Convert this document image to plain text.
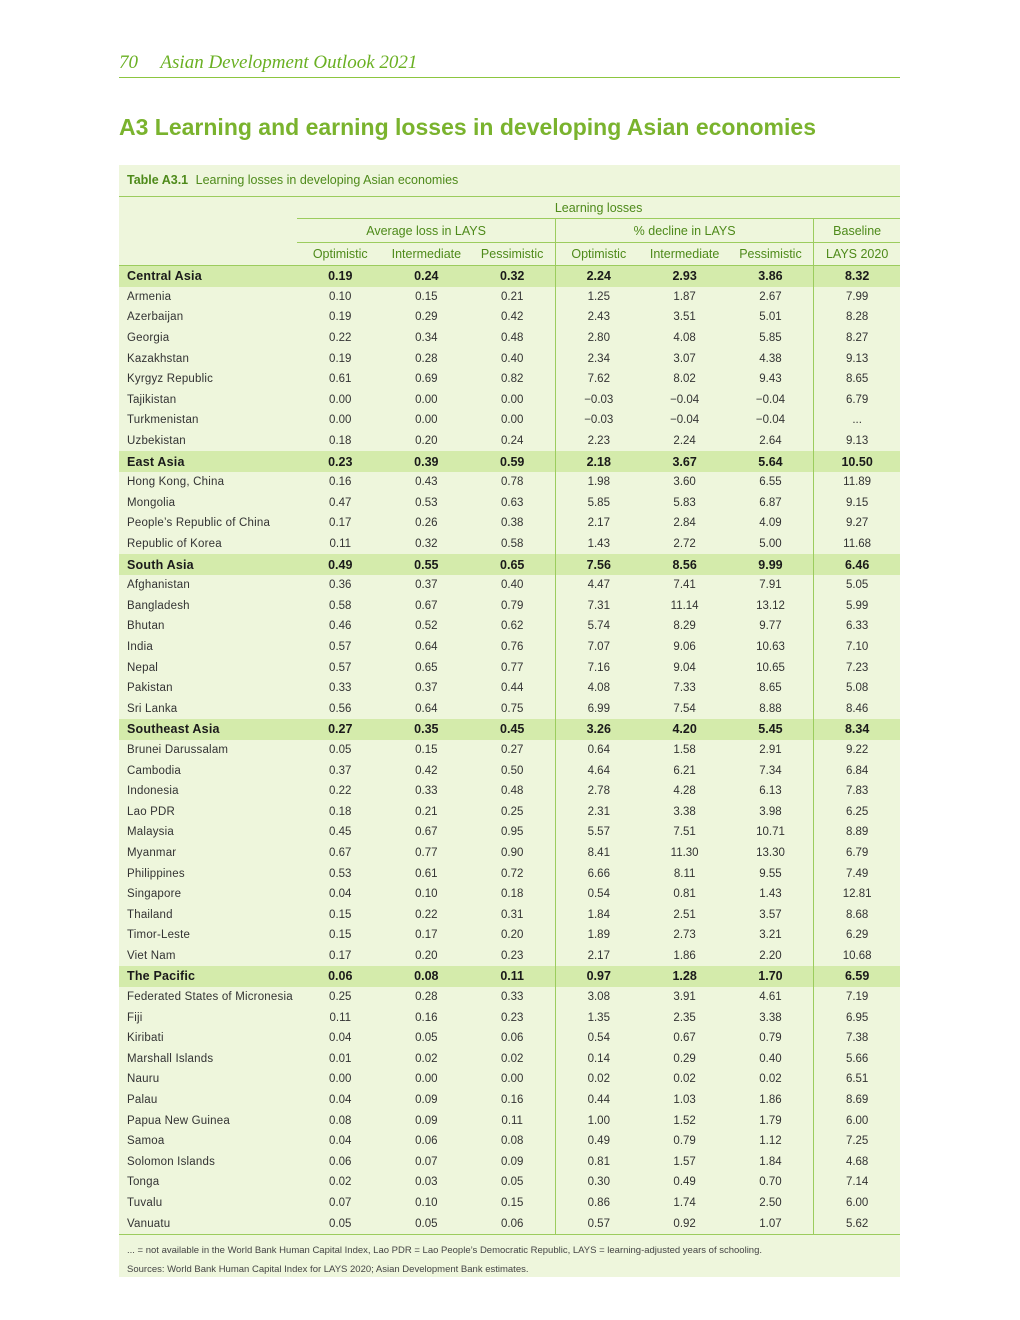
70 Asian Development Outlook 2021
A3 Learning and earning losses in developing Asian economies
Table A3.1 Learning losses in developing Asian economies
	Learning losses						
	Average loss in LAYS			% decline in LAYS			Baseline
	Optimistic	Intermediate	Pessimistic	Optimistic	Intermediate	Pessimistic	LAYS 2020
Central Asia	0.19	0.24	0.32	2.24	2.93	3.86	8.32
Armenia	0.10	0.15	0.21	1.25	1.87	2.67	7.99
Azerbaijan	0.19	0.29	0.42	2.43	3.51	5.01	8.28
Georgia	0.22	0.34	0.48	2.80	4.08	5.85	8.27
Kazakhstan	0.19	0.28	0.40	2.34	3.07	4.38	9.13
Kyrgyz Republic	0.61	0.69	0.82	7.62	8.02	9.43	8.65
Tajikistan	0.00	0.00	0.00	−0.03	−0.04	−0.04	6.79
Turkmenistan	0.00	0.00	0.00	−0.03	−0.04	−0.04	...
Uzbekistan	0.18	0.20	0.24	2.23	2.24	2.64	9.13
East Asia	0.23	0.39	0.59	2.18	3.67	5.64	10.50
Hong Kong, China	0.16	0.43	0.78	1.98	3.60	6.55	11.89
Mongolia	0.47	0.53	0.63	5.85	5.83	6.87	9.15
People’s Republic of China	0.17	0.26	0.38	2.17	2.84	4.09	9.27
Republic of Korea	0.11	0.32	0.58	1.43	2.72	5.00	11.68
South Asia	0.49	0.55	0.65	7.56	8.56	9.99	6.46
Afghanistan	0.36	0.37	0.40	4.47	7.41	7.91	5.05
Bangladesh	0.58	0.67	0.79	7.31	11.14	13.12	5.99
Bhutan	0.46	0.52	0.62	5.74	8.29	9.77	6.33
India	0.57	0.64	0.76	7.07	9.06	10.63	7.10
Nepal	0.57	0.65	0.77	7.16	9.04	10.65	7.23
Pakistan	0.33	0.37	0.44	4.08	7.33	8.65	5.08
Sri Lanka	0.56	0.64	0.75	6.99	7.54	8.88	8.46
Southeast Asia	0.27	0.35	0.45	3.26	4.20	5.45	8.34
Brunei Darussalam	0.05	0.15	0.27	0.64	1.58	2.91	9.22
Cambodia	0.37	0.42	0.50	4.64	6.21	7.34	6.84
Indonesia	0.22	0.33	0.48	2.78	4.28	6.13	7.83
Lao PDR	0.18	0.21	0.25	2.31	3.38	3.98	6.25
Malaysia	0.45	0.67	0.95	5.57	7.51	10.71	8.89
Myanmar	0.67	0.77	0.90	8.41	11.30	13.30	6.79
Philippines	0.53	0.61	0.72	6.66	8.11	9.55	7.49
Singapore	0.04	0.10	0.18	0.54	0.81	1.43	12.81
Thailand	0.15	0.22	0.31	1.84	2.51	3.57	8.68
Timor-Leste	0.15	0.17	0.20	1.89	2.73	3.21	6.29
Viet Nam	0.17	0.20	0.23	2.17	1.86	2.20	10.68
The Pacific	0.06	0.08	0.11	0.97	1.28	1.70	6.59
Federated States of Micronesia	0.25	0.28	0.33	3.08	3.91	4.61	7.19
Fiji	0.11	0.16	0.23	1.35	2.35	3.38	6.95
Kiribati	0.04	0.05	0.06	0.54	0.67	0.79	7.38
Marshall Islands	0.01	0.02	0.02	0.14	0.29	0.40	5.66
Nauru	0.00	0.00	0.00	0.02	0.02	0.02	6.51
Palau	0.04	0.09	0.16	0.44	1.03	1.86	8.69
Papua New Guinea	0.08	0.09	0.11	1.00	1.52	1.79	6.00
Samoa	0.04	0.06	0.08	0.49	0.79	1.12	7.25
Solomon Islands	0.06	0.07	0.09	0.81	1.57	1.84	4.68
Tonga	0.02	0.03	0.05	0.30	0.49	0.70	7.14
Tuvalu	0.07	0.10	0.15	0.86	1.74	2.50	6.00
Vanuatu	0.05	0.05	0.06	0.57	0.92	1.07	5.62
... = not available in the World Bank Human Capital Index, Lao PDR = Lao People’s Democratic Republic, LAYS = learning-adjusted years of schooling.
Sources: World Bank Human Capital Index for LAYS 2020; Asian Development Bank estimates.
